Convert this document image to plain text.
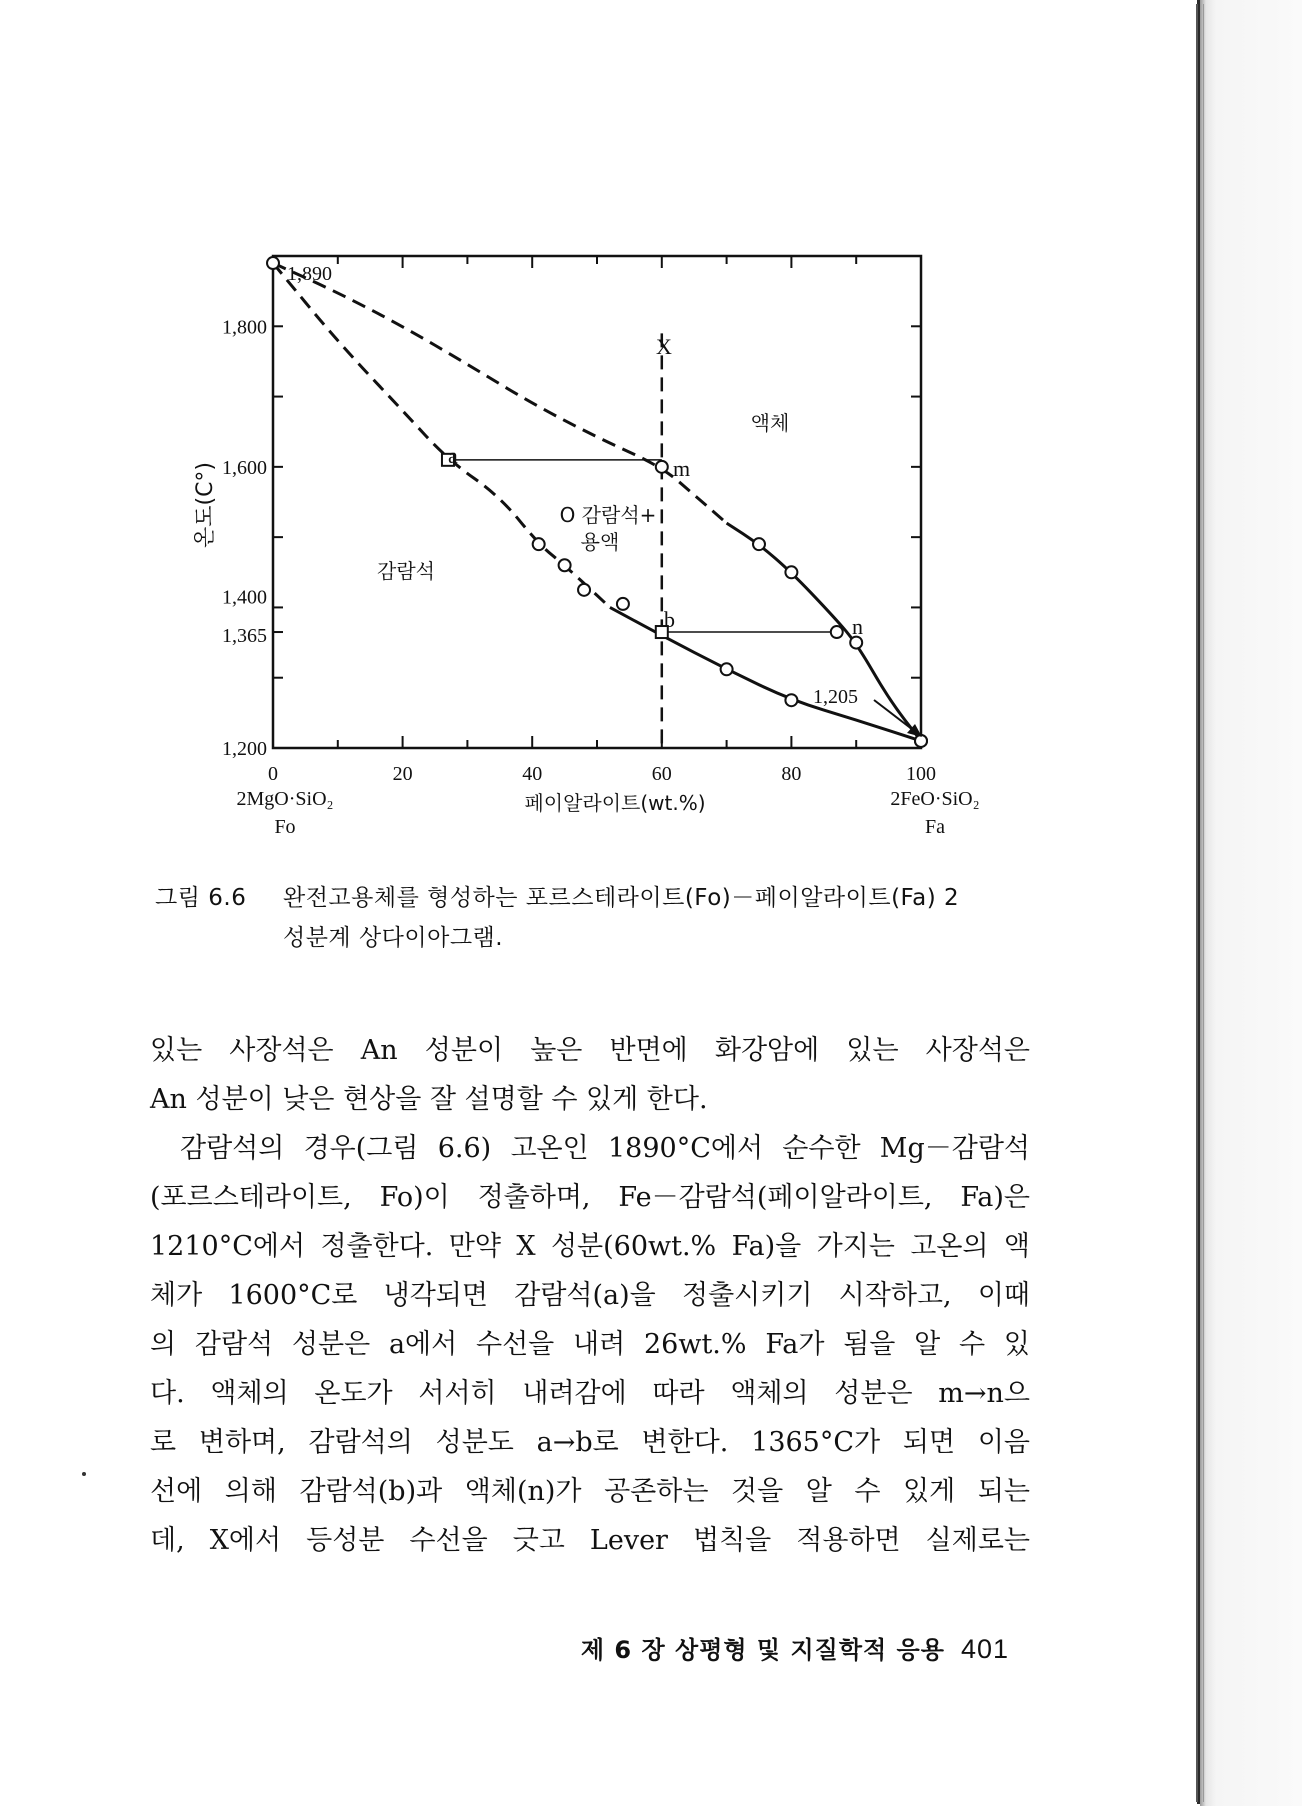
0	20	40	60	80	100
1,200
1,365
1,400
1,600
1,800
온도(C°)
페이알라이트(wt.%)
2MgO·SiO₂
Fo
2FeO·SiO₂
Fa
1,890
X
m
a
b	n
1,205
액체
감람석
O 감람석+
용액
그림 6.6 완전고용체를 형성하는 포르스테라이트(Fo)－페이알라이트(Fa) 2
성분계 상다이아그램.

있는 사장석은 An 성분이 높은 반면에 화강암에 있는 사장석은

An 성분이 낮은 현상을 잘 설명할 수 있게 한다.

감람석의 경우(그림 6.6) 고온인 1890°C에서 순수한 Mg－감람석

(포르스테라이트, Fo)이 정출하며, Fe－감람석(페이알라이트, Fa)은

1210°C에서 정출한다. 만약 X 성분(60wt.% Fa)을 가지는 고온의 액

체가 1600°C로 냉각되면 감람석(a)을 정출시키기 시작하고, 이때

의 감람석 성분은 a에서 수선을 내려 26wt.% Fa가 됨을 알 수 있

다. 액체의 온도가 서서히 내려감에 따라 액체의 성분은 m→n으

로 변하며, 감람석의 성분도 a→b로 변한다. 1365°C가 되면 이음

선에 의해 감람석(b)과 액체(n)가 공존하는 것을 알 수 있게 되는

데, X에서 등성분 수선을 긋고 Lever 법칙을 적용하면 실제로는

제 6 장 상평형 및 지질학적 응용 401
